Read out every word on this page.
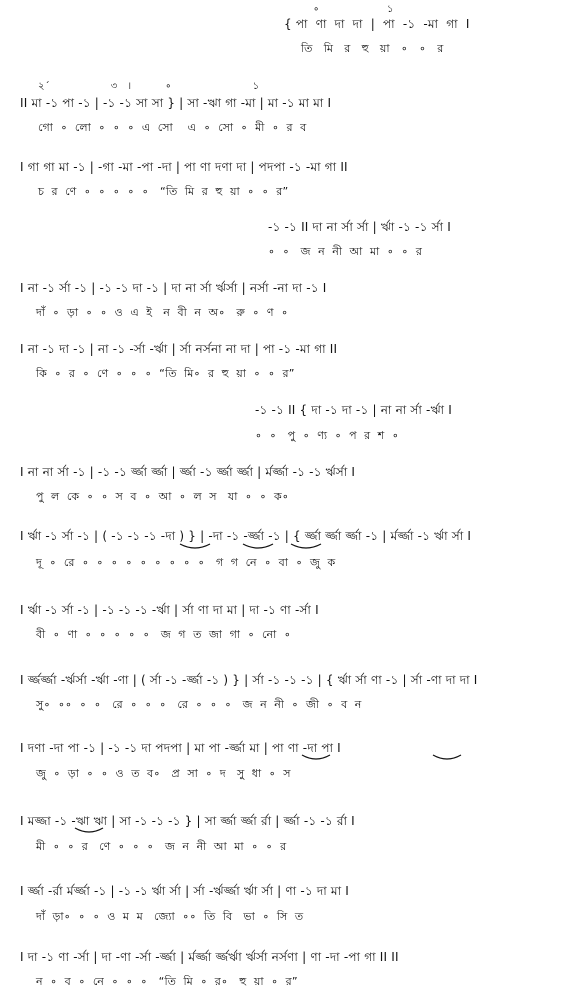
∘                    ১
{ পা  ণা  দা  দা  |  পা  -১  -মা  গা  I
তি   মি   র   হু   য়া   ∘   ∘   র
২´                  ৩   ।          ∘                        ১
II মা -১ পা -১ | -১ -১ সা সা } | সা -ঋা গা -মা | মা -১ মা মা I
গো  ∘  লো  ∘  ∘  ∘  এ  সো    এ  ∘  সো  ∘  মী  ∘  র  ব
I গা গা মা -১ | -গা -মা -পা -দা | পা ণা দণা দা | পদপা -১ -মা গা II
চ  র  ণে  ∘  ∘  ∘  ∘  ∘   “তি  মি  র  হু  য়া  ∘  ∘  র”
-১ -১ II দা না র্সা র্সা | র্ঋা -১ -১ র্সা I
∘  ∘   জ  ন  নী  আ  মা  ∘  ∘  র
I না -১ র্সা -১ | -১ -১ দা -১ | দা না র্সা র্ঋর্সা | নর্সা -না দা -১ I
দাঁ  ∘  ড়া  ∘  ∘  ও  এ  ই   ন  বী  ন  অ∘   রু  ∘  ণ  ∘
I না -১ দা -১ | না -১ -র্সা -র্ঋা | র্সা নর্সনা না দা | পা -১ -মা গা II
কি  ∘  র  ∘  ণে  ∘  ∘  ∘  “তি  মি∘  র  হু  য়া  ∘  ∘  র”
-১ -১ II { দা -১ দা -১ | না না র্সা -র্ঋা I
∘  ∘   পু  ∘  ণ্য  ∘  প  র  শ  ∘
I না না র্সা -১ | -১ -১ র্জ্জা র্জ্জা | র্জ্জা -১ র্জ্জা র্জ্জা | র্মর্জ্জা -১ -১ র্ঋর্সা I
পু  ল  কে  ∘  ∘  স  ব  ∘  আ  ∘  ল  স   যা  ∘  ∘  ক∘
I র্ঋা -১ র্সা -১ | ( -১ -১ -১ -দা ) } | -দা -১ -র্জ্জা -১ | { র্জ্জা র্জ্জা র্জ্জা -১ | র্মর্জ্জা -১ র্ঋা র্সা I
দূ  ∘  রে  ∘  ∘  ∘  ∘  ∘  ∘  ∘  ∘  ∘   গ  গ  নে  ∘  বা  ∘  জু  ক
I র্ঋা -১ র্সা -১ | -১ -১ -১ -র্ঋা | র্সা ণা দা মা | দা -১ ণা -র্সা I
বী  ∘  ণা  ∘  ∘  ∘  ∘  ∘   জ  গ  ত  জা  গা  ∘  নো  ∘
I র্জ্জর্জ্জা -র্ঋর্সা -র্ঋা -ণা | ( র্সা -১ -র্জ্জা -১ ) } | র্সা -১ -১ -১ | { র্ঋা র্সা ণা -১ | র্সা -ণা দা দা I
সু∘  ∘∘  ∘  ∘   রে  ∘  ∘  ∘   রে  ∘  ∘  ∘   জ  ন  নী  ∘  জী  ∘  ব  ন
I দণা -দা পা -১ | -১ -১ দা পদপা | মা পা -র্জ্জা মা | পা ণা -দা পা I
জু  ∘  ড়া  ∘  ∘  ও  ত  ব∘   প্র  সা  ∘  দ   সু  ধা  ∘  স
I মজ্জা -১ -ঋা ঋা | সা -১ -১ -১ } | সা র্জ্জা র্জ্জা র্রা | র্জ্জা -১ -১ র্রা I
মী  ∘  ∘  র   ণে  ∘  ∘  ∘   জ  ন  নী  আ  মা  ∘  ∘  র
I র্জ্জা -র্রা র্মর্জ্জা -১ | -১ -১ র্ঋা র্সা | র্সা -র্ঋর্জ্জা র্ঋা র্সা | ণা -১ দা মা I
দাঁ  ড়া∘  ∘  ∘  ও  ম  ম   জ্যো  ∘∘  তি  বি   ভা  ∘  সি  ত
I দা -১ ণা -র্সা | দা -ণা -র্সা -র্জ্জা | র্মর্জ্জা র্জ্জর্ঋা র্ঋর্সা নর্সণা | ণা -দা -পা গা II II
ন  ∘  ব  ∘  নে  ∘  ∘  ∘   “তি  মি  ∘  র∘   হু  য়া  ∘  র”
